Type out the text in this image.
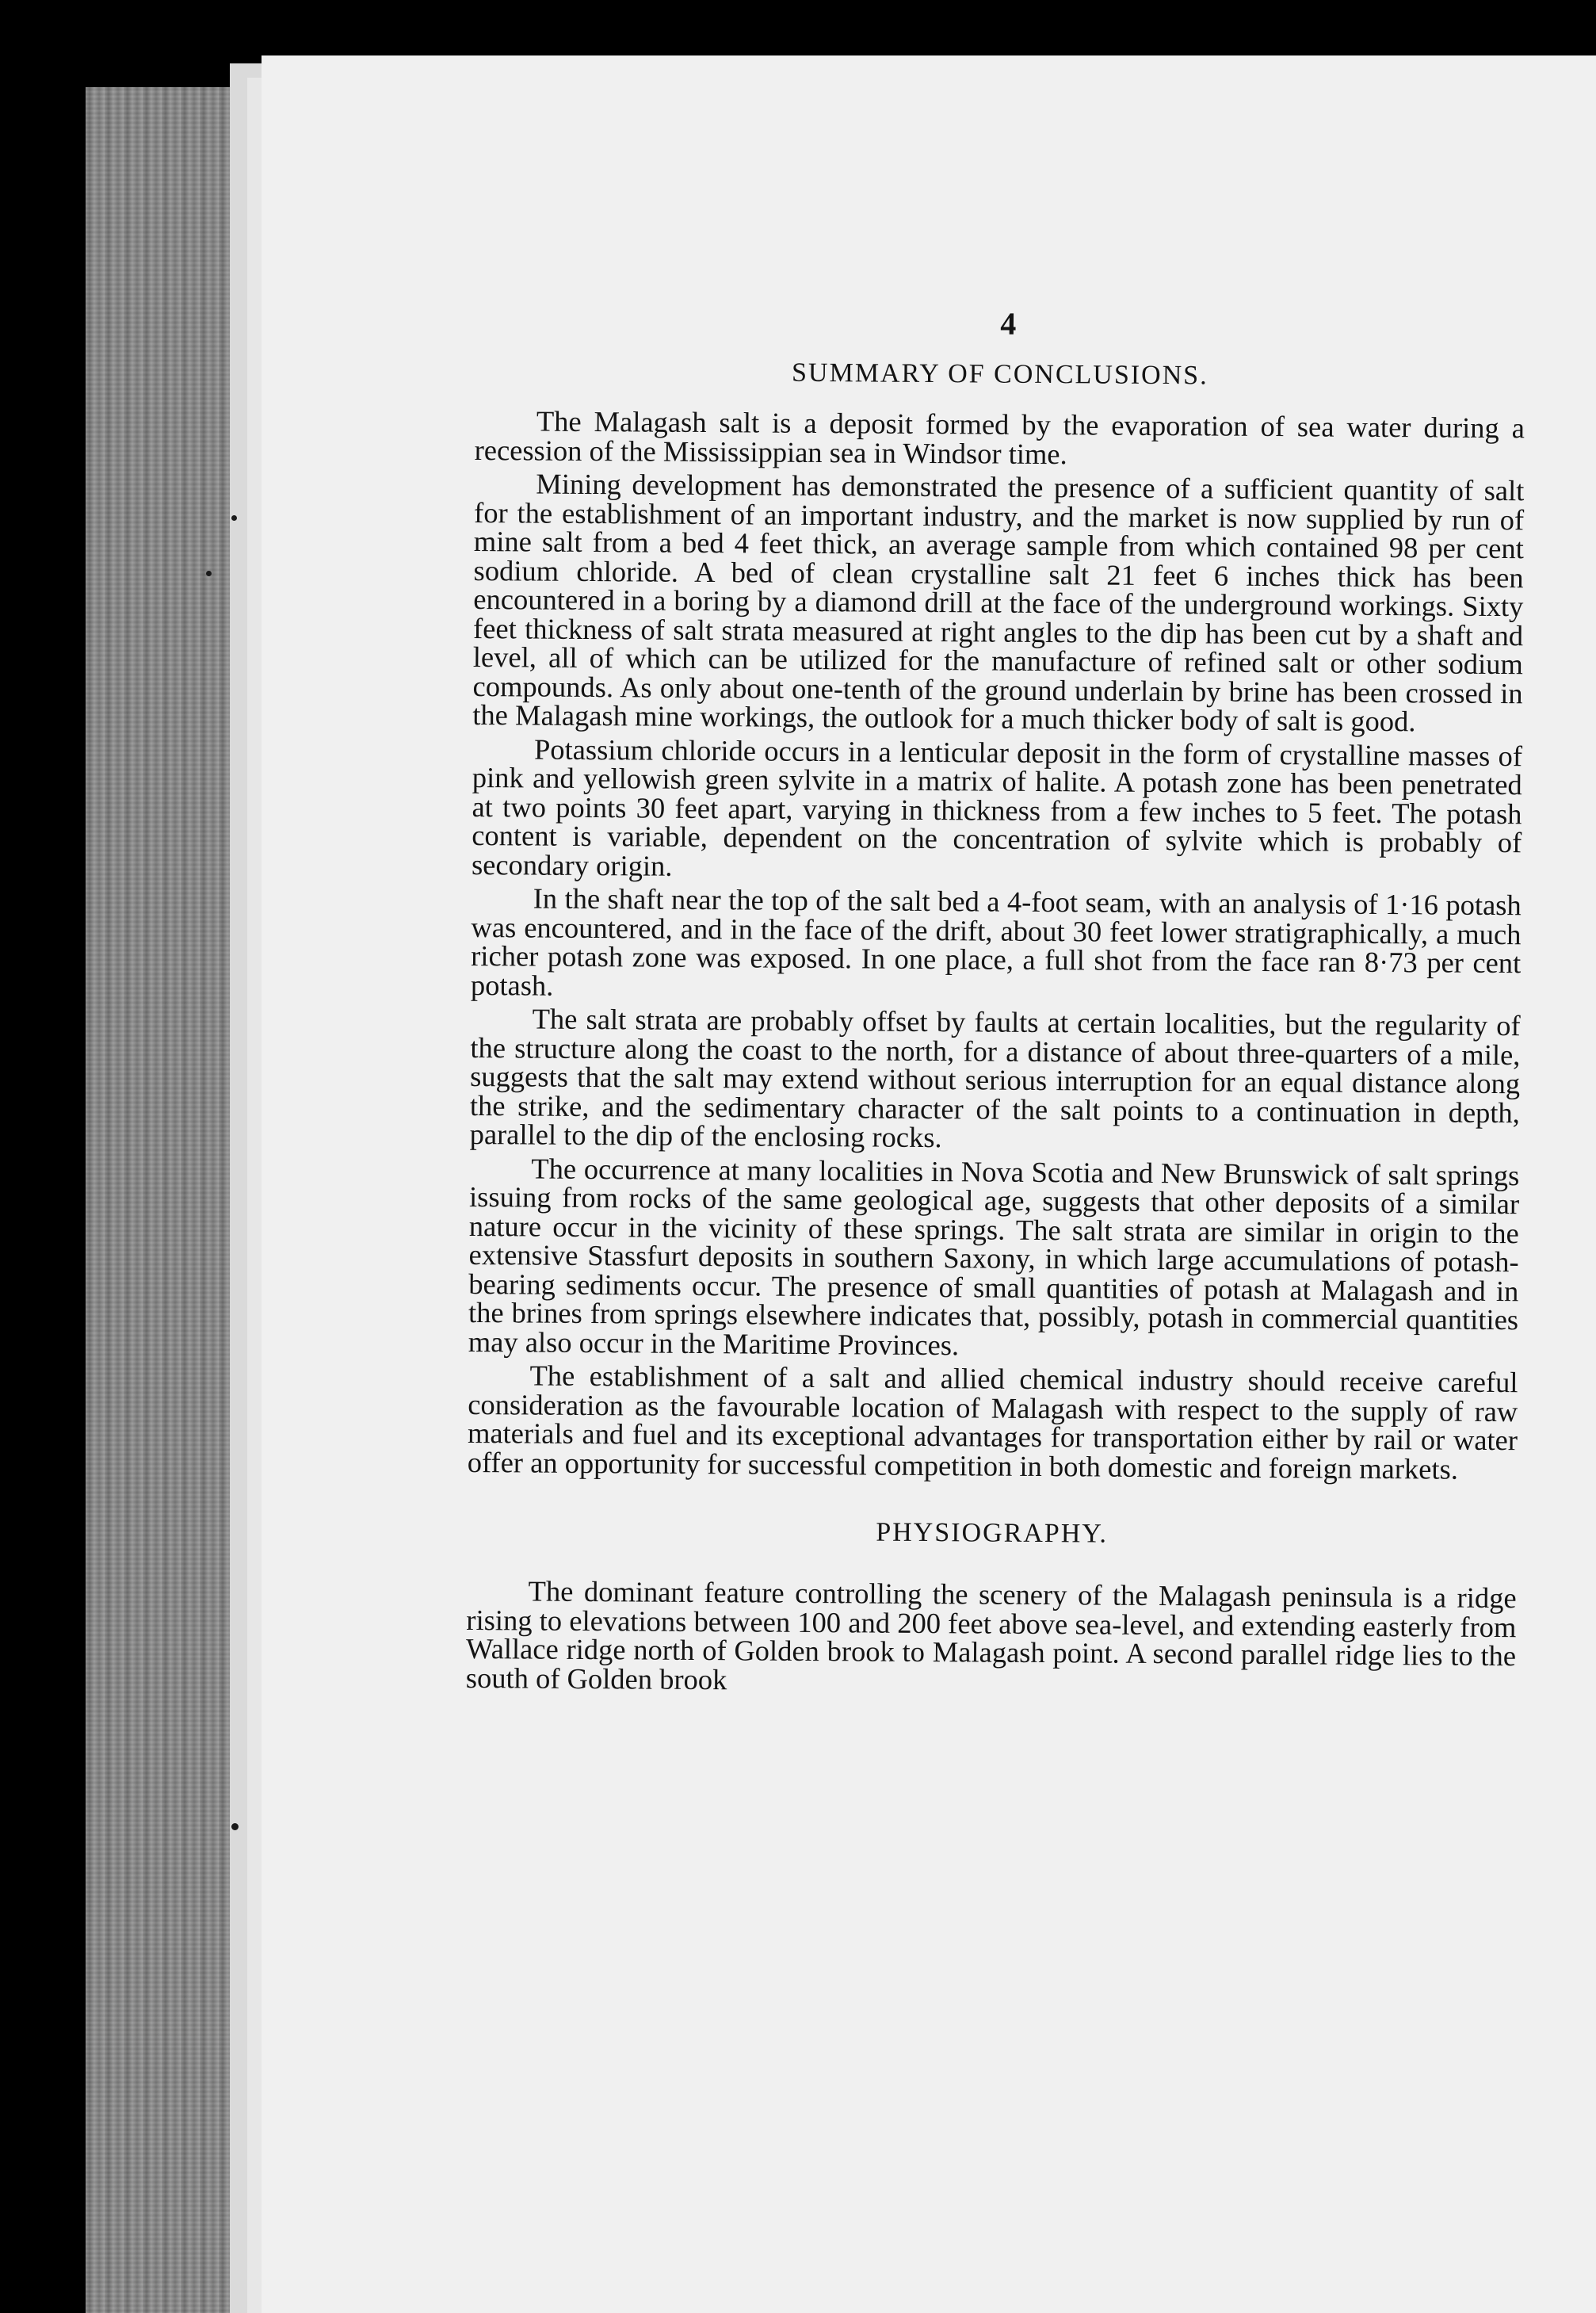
4
SUMMARY OF CONCLUSIONS.

The Malagash salt is a deposit formed by the evaporation of sea water during a recession of the Mississippian sea in Windsor time.

Mining development has demonstrated the presence of a sufficient quantity of salt for the establishment of an important industry, and the market is now supplied by run of mine salt from a bed 4 feet thick, an average sample from which contained 98 per cent sodium chloride. A bed of clean crystalline salt 21 feet 6 inches thick has been encountered in a boring by a diamond drill at the face of the underground workings. Sixty feet thickness of salt strata measured at right angles to the dip has been cut by a shaft and level, all of which can be utilized for the manufacture of refined salt or other sodium compounds. As only about one-tenth of the ground underlain by brine has been crossed in the Malagash mine workings, the outlook for a much thicker body of salt is good.

Potassium chloride occurs in a lenticular deposit in the form of crystalline masses of pink and yellowish green sylvite in a matrix of halite. A potash zone has been penetrated at two points 30 feet apart, varying in thickness from a few inches to 5 feet. The potash content is variable, dependent on the concentration of sylvite which is probably of secondary origin.

In the shaft near the top of the salt bed a 4-foot seam, with an analysis of 1·16 potash was encountered, and in the face of the drift, about 30 feet lower stratigraphically, a much richer potash zone was exposed. In one place, a full shot from the face ran 8·73 per cent potash.

The salt strata are probably offset by faults at certain localities, but the regularity of the structure along the coast to the north, for a distance of about three-quarters of a mile, suggests that the salt may extend without serious interruption for an equal distance along the strike, and the sedimentary character of the salt points to a continuation in depth, parallel to the dip of the enclosing rocks.

The occurrence at many localities in Nova Scotia and New Brunswick of salt springs issuing from rocks of the same geological age, suggests that other deposits of a similar nature occur in the vicinity of these springs. The salt strata are similar in origin to the extensive Stassfurt deposits in southern Saxony, in which large accumulations of potash-bearing sediments occur. The presence of small quantities of potash at Malagash and in the brines from springs elsewhere indicates that, possibly, potash in commercial quantities may also occur in the Maritime Provinces.

The establishment of a salt and allied chemical industry should receive careful consideration as the favourable location of Malagash with respect to the supply of raw materials and fuel and its exceptional advantages for transportation either by rail or water offer an opportunity for successful competition in both domestic and foreign markets.

PHYSIOGRAPHY.

The dominant feature controlling the scenery of the Malagash peninsula is a ridge rising to elevations between 100 and 200 feet above sea-level, and extending easterly from Wallace ridge north of Golden brook to Malagash point. A second parallel ridge lies to the south of Golden brook
